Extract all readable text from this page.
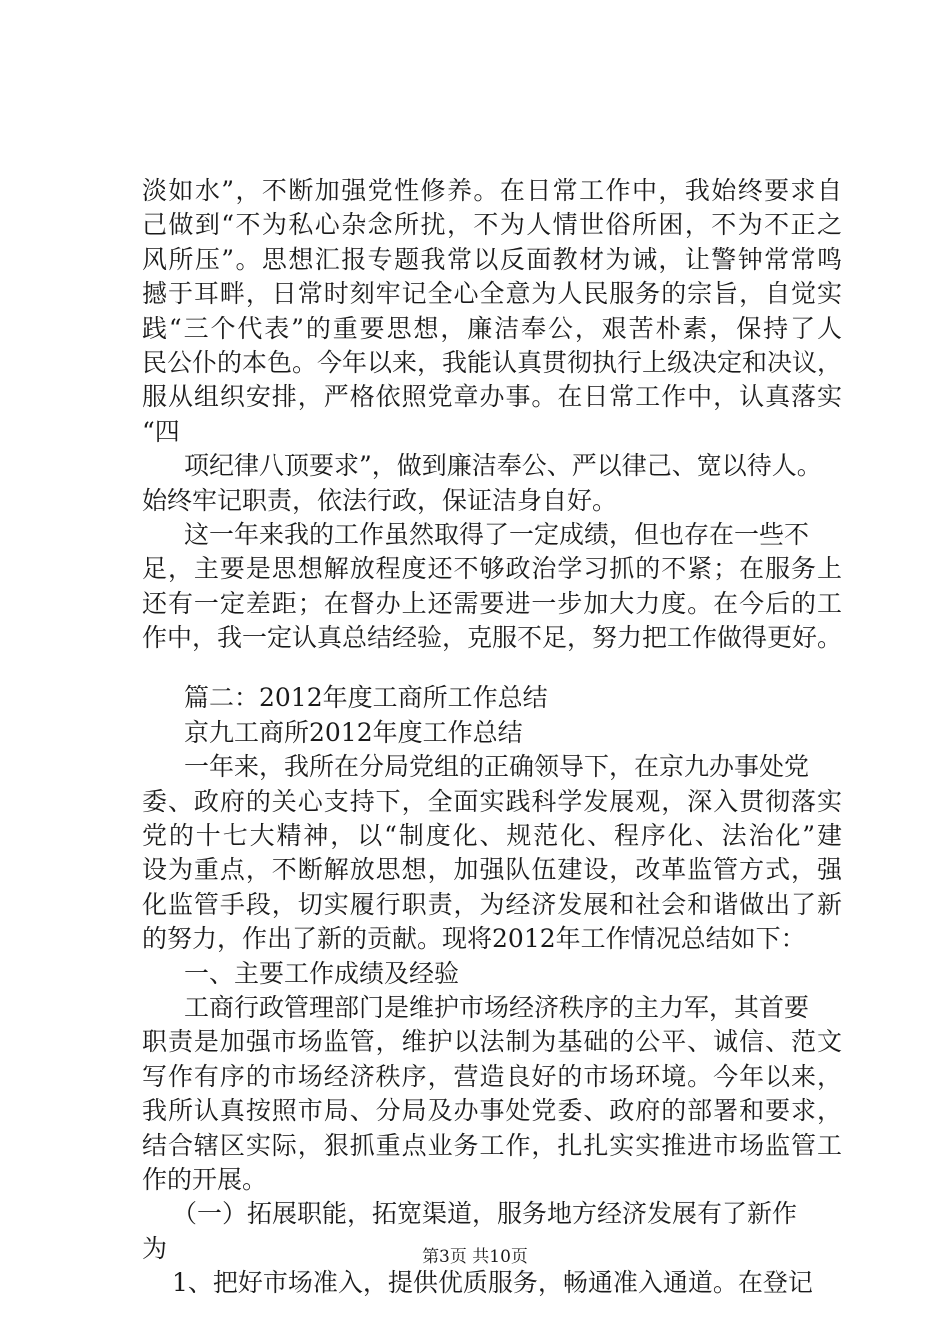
淡如水”，不断加强党性修养。在日常工作中，我始终要求自
己做到“不为私心杂念所扰，不为人情世俗所困，不为不正之
风所压”。思想汇报专题我常以反面教材为诫，让警钟常常鸣
撼于耳畔，日常时刻牢记全心全意为人民服务的宗旨，自觉实
践“三个代表”的重要思想，廉洁奉公，艰苦朴素，保持了人
民公仆的本色。今年以来，我能认真贯彻执行上级决定和决议，
服从组织安排，严格依照党章办事。在日常工作中，认真落实
“四
项纪律八顶要求”，做到廉洁奉公、严以律己、宽以待人。
始终牢记职责，依法行政，保证洁身自好。
这一年来我的工作虽然取得了一定成绩，但也存在一些不
足，主要是思想解放程度还不够政治学习抓的不紧；在服务上
还有一定差距；在督办上还需要进一步加大力度。在今后的工
作中，我一定认真总结经验，克服不足，努力把工作做得更好。
篇二：2012年度工商所工作总结
京九工商所2012年度工作总结
一年来，我所在分局党组的正确领导下，在京九办事处党
委、政府的关心支持下，全面实践科学发展观，深入贯彻落实
党的十七大精神，以“制度化、规范化、程序化、法治化”建
设为重点，不断解放思想，加强队伍建设，改革监管方式，强
化监管手段，切实履行职责，为经济发展和社会和谐做出了新
的努力，作出了新的贡献。现将2012年工作情况总结如下：
一、主要工作成绩及经验
工商行政管理部门是维护市场经济秩序的主力军，其首要
职责是加强市场监管，维护以法制为基础的公平、诚信、范文
写作有序的市场经济秩序，营造良好的市场环境。今年以来，
我所认真按照市局、分局及办事处党委、政府的部署和要求，
结合辖区实际，狠抓重点业务工作，扎扎实实推进市场监管工
作的开展。
（一）拓展职能，拓宽渠道，服务地方经济发展有了新作
为
1、把好市场准入，提供优质服务，畅通准入通道。在登记
第3页 共10页
